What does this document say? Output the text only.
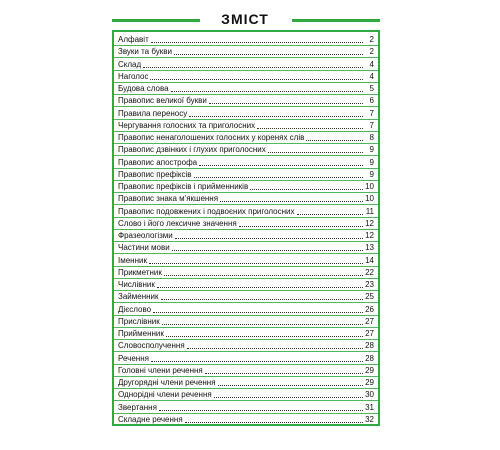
ЗМІСТ
Алфавіт	2
Звуки та букви	2
Склад	4
Наголос	4
Будова слова	5
Правопис великої букви	6
Правила переносу	7
Чергування голосних та приголосних	7
Правопис ненаголошених голосних у коренях слів	8
Правопис дзвінких і глухих приголосних	9
Правопис апострофа	9
Правопис префіксів	9
Правопис префіксів і прийменників	10
Правопис знака м'якшення	10
Правопис подовжених і подвоєних приголосних	11
Слово і його лексичне значення	12
Фразеологізми	12
Частини мови	13
Іменник	14
Прикметник	22
Числівник	23
Займенник	25
Дієслово	26
Прислівник	27
Прийменник	27
Словосполучення	28
Речення	28
Головні члени речення	29
Другорядні члени речення	29
Однорідні члени речення	30
Звертання	31
Складне речення	32
